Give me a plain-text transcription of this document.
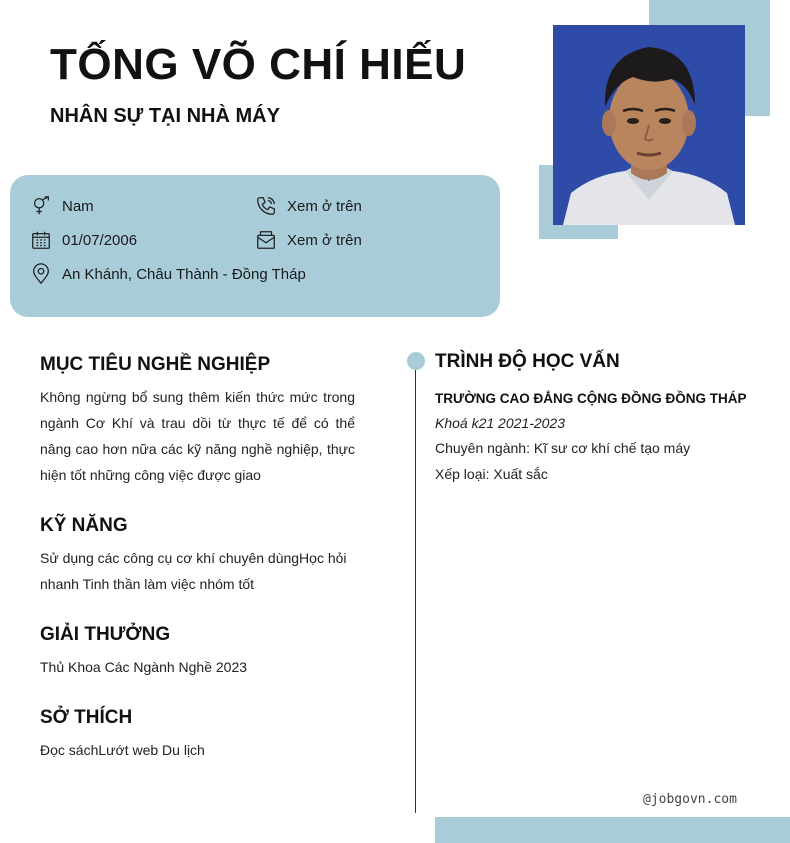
TỐNG VÕ CHÍ HIẾU
NHÂN SỰ TẠI NHÀ MÁY
Nam
01/07/2006
An Khánh, Châu Thành - Đồng Tháp
Xem ở trên
Xem ở trên
MỤC TIÊU NGHỀ NGHIỆP
Không ngừng bổ sung thêm kiến thức mức trong ngành Cơ Khí và trau dồi từ thực tế để có thể nâng cao hơn nữa các kỹ năng nghề nghiệp, thực hiện tốt những công việc được giao
KỸ NĂNG
Sử dụng các công cụ cơ khí chuyên dùngHọc hỏi nhanh Tinh thần làm việc nhóm tốt
GIẢI THƯỞNG
Thủ Khoa Các Ngành Nghề 2023
SỞ THÍCH
Đọc sáchLướt web Du lịch
TRÌNH ĐỘ HỌC VẤN
TRƯỜNG CAO ĐẲNG CỘNG ĐỒNG ĐỒNG THÁP
Khoá k21 2021-2023
Chuyên ngành: Kĩ sư cơ khí chế tạo máy
Xếp loại: Xuất sắc
@jobgovn.com
